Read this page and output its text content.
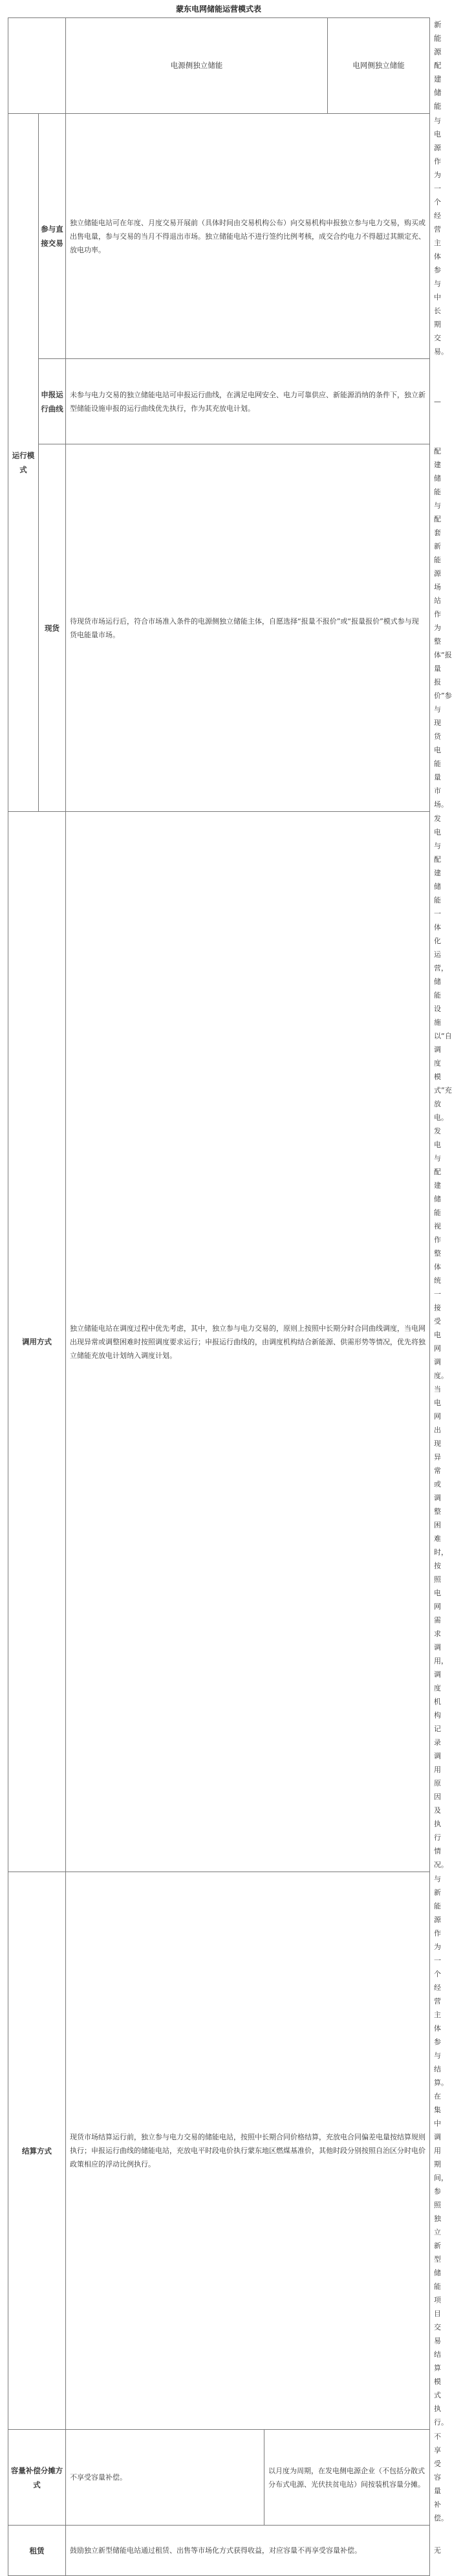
蒙东电网储能运营模式表
		电源侧独立储能		电网侧独立储能	新能源配建储能
运行模式	参与直接交易	独立储能电站可在年度、月度交易开展前（具体时间由交易机构公布）向交易机构申报独立参与电力交易，购买或出售电量，参与交易的当月不得退出市场。独立储能电站不进行签约比例考核，成交合约电力不得超过其额定充、放电功率。			与电源作为一个经营主体参与中长期交易。
	申报运行曲线	未参与电力交易的独立储能电站可申报运行曲线，在满足电网安全、电力可靠供应、新能源消纳的条件下，独立新型储能设施申报的运行曲线优先执行，作为其充放电计划。			—
	现货	待现货市场运行后，符合市场准入条件的电源侧独立储能主体，自愿选择“报量不报价”或“报量报价”模式参与现货电能量市场。			配建储能与配套新能源场站作为整体“报量报价”参与现货电能量市场。
调用方式		独立储能电站在调度过程中优先考虑，其中，独立参与电力交易的，原则上按照中长期分时合同曲线调度，当电网出现异常或调整困难时按照调度要求运行；申报运行曲线的，由调度机构结合新能源、供需形势等情况，优先将独立储能充放电计划纳入调度计划。			发电与配建储能一体化运营，储能设施以“自调度模式”充放电。发电与配建储能视作整体统一接受电网调度。当电网出现异常或调整困难时，按照电网需求调用，调度机构记录调用原因及执行情况。
结算方式		现货市场结算运行前，独立参与电力交易的储能电站，按照中长期合同价格结算，充放电合同偏差电量按结算规则执行；申报运行曲线的储能电站，充放电平时段电价执行蒙东地区燃煤基准价，其他时段分别按照自治区分时电价政策相应的浮动比例执行。			与新能源作为一个经营主体参与结算。在集中调用期间，参照独立新型储能项目交易结算模式执行。
容量补偿分摊方式		不享受容量补偿。	以月度为周期，在发电侧电源企业（不包括分散式分布式电源、光伏扶贫电站）间按装机容量分摊。		不享受容量补偿。
租赁		鼓励独立新型储能电站通过租赁、出售等市场化方式获得收益，对应容量不再享受容量补偿。			无
